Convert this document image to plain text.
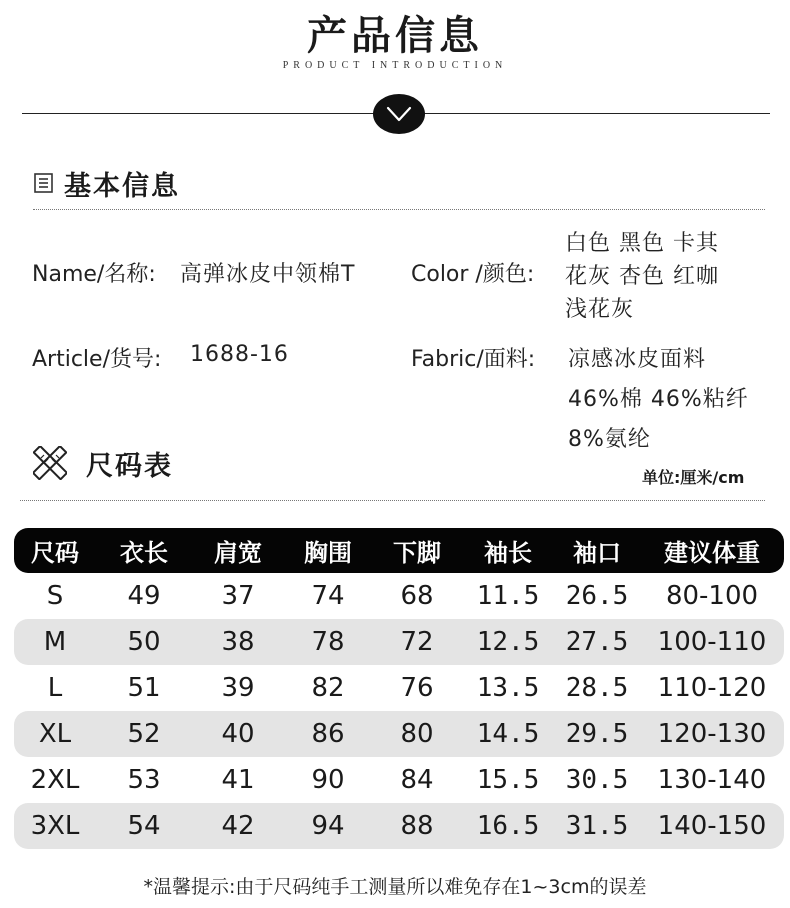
产品信息
PRODUCT INTRODUCTION
基本信息
Name/名称: 高弹冰皮中领棉T	Color /颜色:
白色 黑色 卡其
花灰 杏色 红咖
浅花灰
Article/货号: 1688-16	Fabric/面料: 凉感冰皮面料
46%棉 46%粘纤
8%氨纶
尺码表	单位:厘米/cm
尺码	衣长	肩宽	胸围	下脚	袖长	袖口	建议体重
S	49	37	74	68	11.5	26.5	80-100
M	50	38	78	72	12.5	27.5	100-110
L	51	39	82	76	13.5	28.5	110-120
XL	52	40	86	80	14.5	29.5	120-130
2XL	53	41	90	84	15.5	30.5	130-140
3XL	54	42	94	88	16.5	31.5	140-150
*温馨提示:由于尺码纯手工测量所以难免存在1~3cm的误差
